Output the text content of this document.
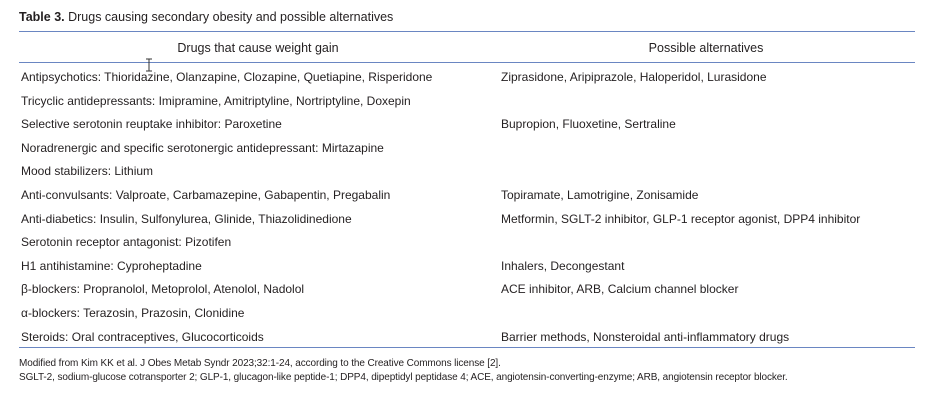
Table 3. Drugs causing secondary obesity and possible alternatives
Drugs that cause weight gain	Possible alternatives
Antipsychotics: Thioridazine, Olanzapine, Clozapine, Quetiapine, Risperidone	Ziprasidone, Aripiprazole, Haloperidol, Lurasidone
Tricyclic antidepressants: Imipramine, Amitriptyline, Nortriptyline, Doxepin
Selective serotonin reuptake inhibitor: Paroxetine	Bupropion, Fluoxetine, Sertraline
Noradrenergic and specific serotonergic antidepressant: Mirtazapine
Mood stabilizers: Lithium
Anti-convulsants: Valproate, Carbamazepine, Gabapentin, Pregabalin	Topiramate, Lamotrigine, Zonisamide
Anti-diabetics: Insulin, Sulfonylurea, Glinide, Thiazolidinedione	Metformin, SGLT-2 inhibitor, GLP-1 receptor agonist, DPP4 inhibitor
Serotonin receptor antagonist: Pizotifen
H1 antihistamine: Cyproheptadine	Inhalers, Decongestant
β-blockers: Propranolol, Metoprolol, Atenolol, Nadolol	ACE inhibitor, ARB, Calcium channel blocker
α-blockers: Terazosin, Prazosin, Clonidine
Steroids: Oral contraceptives, Glucocorticoids	Barrier methods, Nonsteroidal anti-inflammatory drugs
Modified from Kim KK et al. J Obes Metab Syndr 2023;32:1-24, according to the Creative Commons license [2].
SGLT-2, sodium-glucose cotransporter 2; GLP-1, glucagon-like peptide-1; DPP4, dipeptidyl peptidase 4; ACE, angiotensin-converting-enzyme; ARB, angiotensin receptor blocker.
